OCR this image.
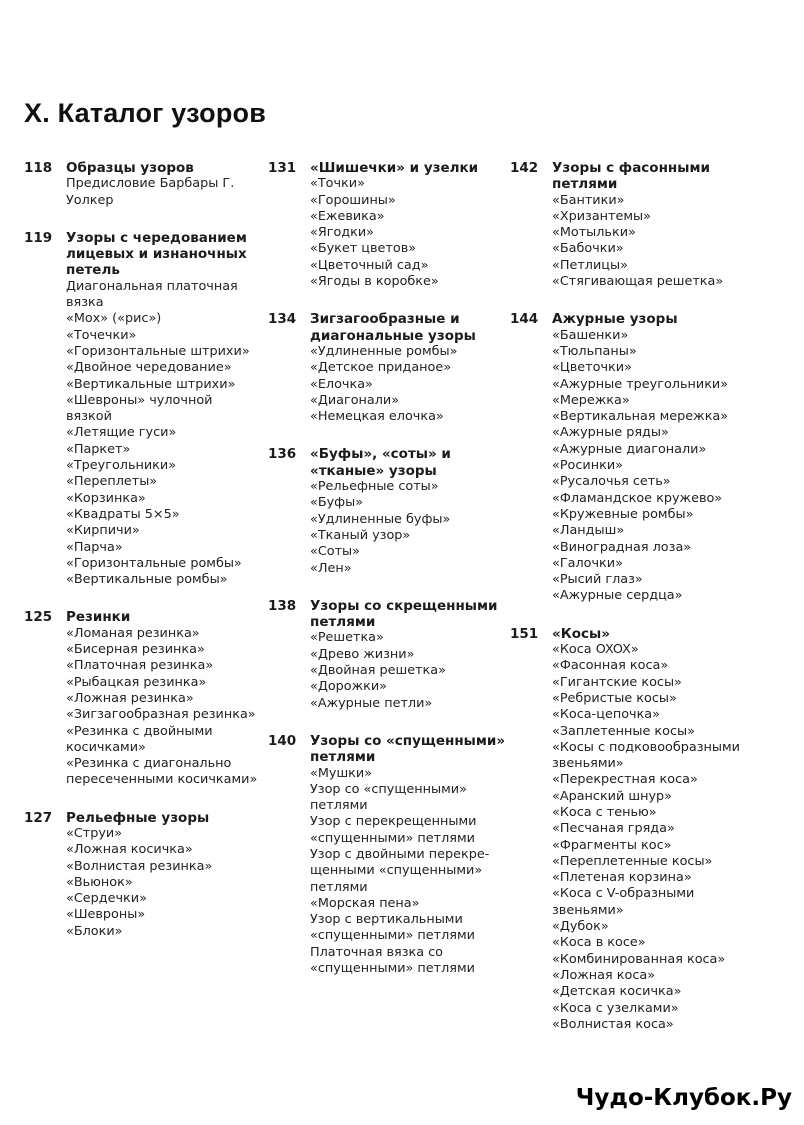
X. Каталог узоров
118 Образцы узоров
Предисловие Барбары Г.
Уолкер
119 Узоры с чередованием
лицевых и изнаночных
петель
Диагональная платочная
вязка
«Мох» («рис»)
«Точечки»
«Горизонтальные штрихи»
«Двойное чередование»
«Вертикальные штрихи»
«Шевроны» чулочной
вязкой
«Летящие гуси»
«Паркет»
«Треугольники»
«Переплеты»
«Корзинка»
«Квадраты 5×5»
«Кирпичи»
«Парча»
«Горизонтальные ромбы»
«Вертикальные ромбы»
125 Резинки
«Ломаная резинка»
«Бисерная резинка»
«Платочная резинка»
«Рыбацкая резинка»
«Ложная резинка»
«Зигзагообразная резинка»
«Резинка с двойными
косичками»
«Резинка с диагонально
пересеченными косичками»
127 Рельефные узоры
«Струи»
«Ложная косичка»
«Волнистая резинка»
«Вьюнок»
«Сердечки»
«Шевроны»
«Блоки»
131 «Шишечки» и узелки
«Точки»
«Горошины»
«Ежевика»
«Ягодки»
«Букет цветов»
«Цветочный сад»
«Ягоды в коробке»
134 Зигзагообразные и
диагональные узоры
«Удлиненные ромбы»
«Детское приданое»
«Елочка»
«Диагонали»
«Немецкая елочка»
136 «Буфы», «соты» и
«тканые» узоры
«Рельефные соты»
«Буфы»
«Удлиненные буфы»
«Тканый узор»
«Соты»
«Лен»
138 Узоры со скрещенными
петлями
«Решетка»
«Древо жизни»
«Двойная решетка»
«Дорожки»
«Ажурные петли»
140 Узоры со «спущенными»
петлями
«Мушки»
Узор со «спущенными»
петлями
Узор с перекрещенными
«спущенными» петлями
Узор с двойными перекре-
щенными «спущенными»
петлями
«Морская пена»
Узор с вертикальными
«спущенными» петлями
Платочная вязка со
«спущенными» петлями
142 Узоры с фасонными
петлями
«Бантики»
«Хризантемы»
«Мотыльки»
«Бабочки»
«Петлицы»
«Стягивающая решетка»
144 Ажурные узоры
«Башенки»
«Тюльпаны»
«Цветочки»
«Ажурные треугольники»
«Мережка»
«Вертикальная мережка»
«Ажурные ряды»
«Ажурные диагонали»
«Росинки»
«Русалочья сеть»
«Фламандское кружево»
«Кружевные ромбы»
«Ландыш»
«Виноградная лоза»
«Галочки»
«Рысий глаз»
«Ажурные сердца»
151 «Косы»
«Коса OXOX»
«Фасонная коса»
«Гигантские косы»
«Ребристые косы»
«Коса-цепочка»
«Заплетенные косы»
«Косы с подковообразными
звеньями»
«Перекрестная коса»
«Аранский шнур»
«Коса с тенью»
«Песчаная гряда»
«Фрагменты кос»
«Переплетенные косы»
«Плетеная корзина»
«Коса с V-образными
звеньями»
«Дубок»
«Коса в косе»
«Комбинированная коса»
«Ложная коса»
«Детская косичка»
«Коса с узелками»
«Волнистая коса»
Чудо-Клубок.Ру
